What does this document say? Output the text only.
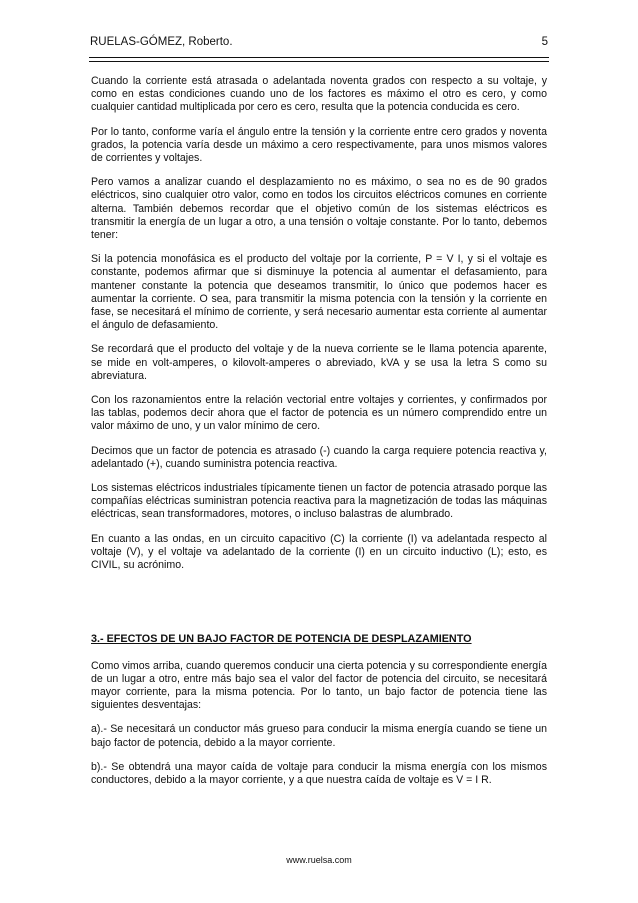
RUELAS-GÓMEZ, Roberto.	5

Cuando la corriente está atrasada o adelantada noventa grados con respecto a su voltaje, y como en estas condiciones cuando uno de los factores es máximo el otro es cero, y como cualquier cantidad multiplicada por cero es cero, resulta que la potencia conducida es cero.

Por lo tanto, conforme varía el ángulo entre la tensión y la corriente entre cero grados y noventa grados, la potencia varía desde un máximo a cero respectivamente, para unos mismos valores de corrientes y voltajes.

Pero vamos a analizar cuando el desplazamiento no es máximo, o sea no es de 90 grados eléctricos, sino cualquier otro valor, como en todos los circuitos eléctricos comunes en corriente alterna. También debemos recordar que el objetivo común de los sistemas eléctricos es transmitir la energía de un lugar a otro, a una tensión o voltaje constante. Por lo tanto, debemos tener:

Si la potencia monofásica es el producto del voltaje por la corriente, P = V I, y si el voltaje es constante, podemos afirmar que si disminuye la potencia al aumentar el defasamiento, para mantener constante la potencia que deseamos transmitir, lo único que podemos hacer es aumentar la corriente. O sea, para transmitir la misma potencia con la tensión y la corriente en fase, se necesitará el mínimo de corriente, y será necesario aumentar esta corriente al aumentar el ángulo de defasamiento.

Se recordará que el producto del voltaje y de la nueva corriente se le llama potencia aparente, se mide en volt-amperes, o kilovolt-amperes o abreviado, kVA y se usa la letra S como su abreviatura.

Con los razonamientos entre la relación vectorial entre voltajes y corrientes, y confirmados por las tablas, podemos decir ahora que el factor de potencia es un número comprendido entre un valor máximo de uno, y un valor mínimo de cero.

Decimos que un factor de potencia es atrasado (-) cuando la carga requiere potencia reactiva y, adelantado (+), cuando suministra potencia reactiva.

Los sistemas eléctricos industriales típicamente tienen un factor de potencia atrasado porque las compañías eléctricas suministran potencia reactiva para la magnetización de todas las máquinas eléctricas, sean transformadores, motores, o incluso balastras de alumbrado.

En cuanto a las ondas, en un circuito capacitivo (C) la corriente (I) va adelantada respecto al voltaje (V), y el voltaje va adelantado de la corriente (I) en un circuito inductivo (L); esto, es CIVIL, su acrónimo.

3.- EFECTOS DE UN BAJO FACTOR DE POTENCIA DE DESPLAZAMIENTO

Como vimos arriba, cuando queremos conducir una cierta potencia y su correspondiente energía de un lugar a otro, entre más bajo sea el valor del factor de potencia del circuito, se necesitará mayor corriente, para la misma potencia. Por lo tanto, un bajo factor de potencia tiene las siguientes desventajas:

a).- Se necesitará un conductor más grueso para conducir la misma energía cuando se tiene un bajo factor de potencia, debido a la mayor corriente.

b).- Se obtendrá una mayor caída de voltaje para conducir la misma energía con los mismos conductores, debido a la mayor corriente, y a que nuestra caída de voltaje es V = I R.

www.ruelsa.com
